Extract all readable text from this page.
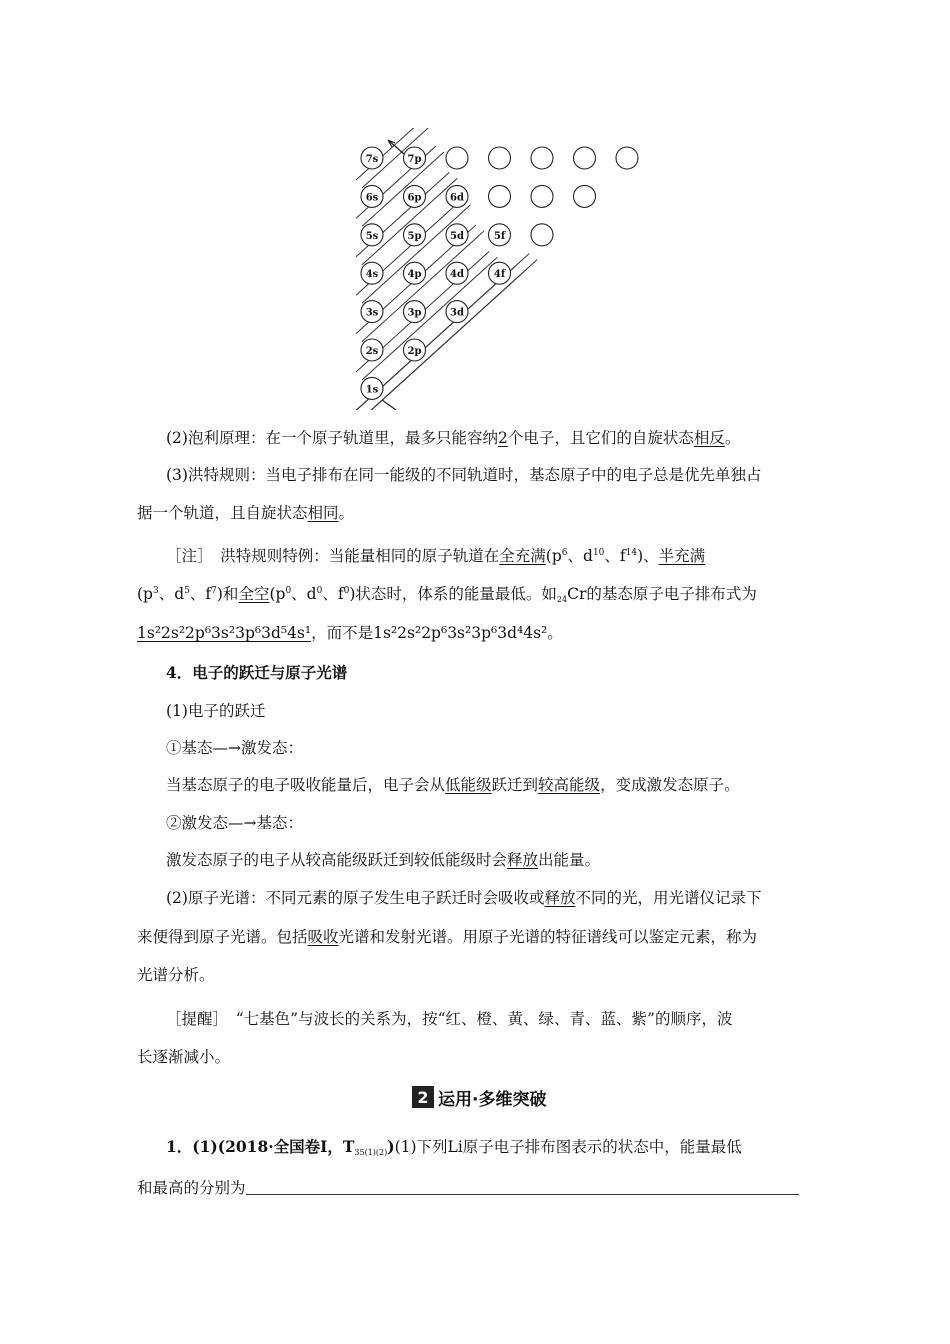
7s	7p
6s	6p	6d
5s	5p	5d	5f
4s	4p	4d	4f
3s	3p	3d
2s	2p
1s
(2)泡利原理：在一个原子轨道里，最多只能容纳2个电子，且它们的自旋状态相反。
(3)洪特规则：当电子排布在同一能级的不同轨道时，基态原子中的电子总是优先单独占
据一个轨道，且自旋状态相同。
［注］　洪特规则特例：当能量相同的原子轨道在全充满($p^6$、$d^{10}$、$f^{14}$)、半充满
($p^3$、$d^5$、$f^7$)和全空($p^0$、$d^0$、$f^0$)状态时，体系的能量最低。如$_{24}$Cr的基态原子电子排布式为
1s²2s²2p⁶3s²3p⁶3d⁵4s¹，而不是1s²2s²2p⁶3s²3p⁶3d⁴4s²。
4．电子的跃迁与原子光谱
(1)电子的跃迁
①基态—→激发态：
当基态原子的电子吸收能量后，电子会从低能级跃迁到较高能级，变成激发态原子。
②激发态—→基态：
激发态原子的电子从较高能级跃迁到较低能级时会释放出能量。
(2)原子光谱：不同元素的原子发生电子跃迁时会吸收或释放不同的光，用光谱仪记录下
来便得到原子光谱。包括吸收光谱和发射光谱。用原子光谱的特征谱线可以鉴定元素，称为
光谱分析。
［提醒］　“七基色”与波长的关系为，按“红、橙、黄、绿、青、蓝、紫”的顺序，波
长逐渐减小。
2 运用·多维突破
1．(1)(2018·全国卷Ⅰ，$T_{35(1)(2)})(1)$下列Li原子电子排布图表示的状态中，能量最低
和最高的分别为
